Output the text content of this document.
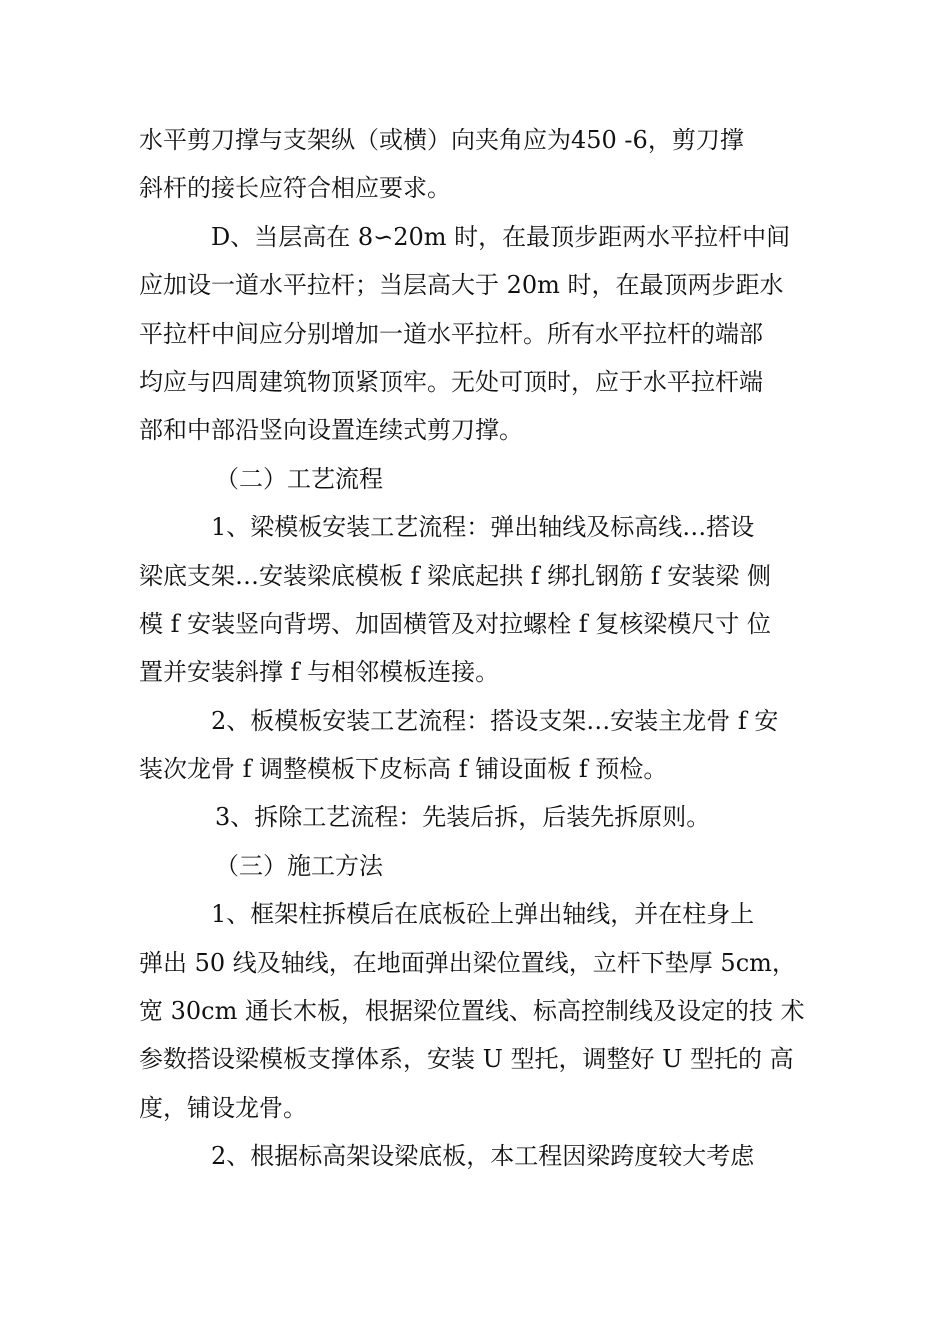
水平剪刀撑与支架纵（或横）向夹角应为450 -6，剪刀撑
斜杆的接长应符合相应要求。
D、当层高在 8∽20m 时，在最顶步距两水平拉杆中间
应加设一道水平拉杆；当层高大于 20m 时，在最顶两步距水
平拉杆中间应分别增加一道水平拉杆。所有水平拉杆的端部
均应与四周建筑物顶紧顶牢。无处可顶时，应于水平拉杆端
部和中部沿竖向设置连续式剪刀撑。
（二）工艺流程
1、梁模板安装工艺流程：弹出轴线及标高线…搭设
梁底支架…安装梁底模板 f 梁底起拱 f 绑扎钢筋 f 安装梁 侧
模 f 安装竖向背塄、加固横管及对拉螺栓 f 复核梁模尺寸 位
置并安装斜撑 f 与相邻模板连接。
2、板模板安装工艺流程：搭设支架…安装主龙骨 f 安
装次龙骨 f 调整模板下皮标高 f 铺设面板 f 预检。
3、拆除工艺流程：先装后拆，后装先拆原则。
（三）施工方法
1、框架柱拆模后在底板砼上弹出轴线，并在柱身上
弹出 50 线及轴线，在地面弹出梁位置线，立杆下垫厚 5cm，
宽 30cm 通长木板，根据梁位置线、标高控制线及设定的技 术
参数搭设梁模板支撑体系，安装 U 型托，调整好 U 型托的 高
度，铺设龙骨。
2、根据标高架设梁底板，本工程因梁跨度较大考虑
